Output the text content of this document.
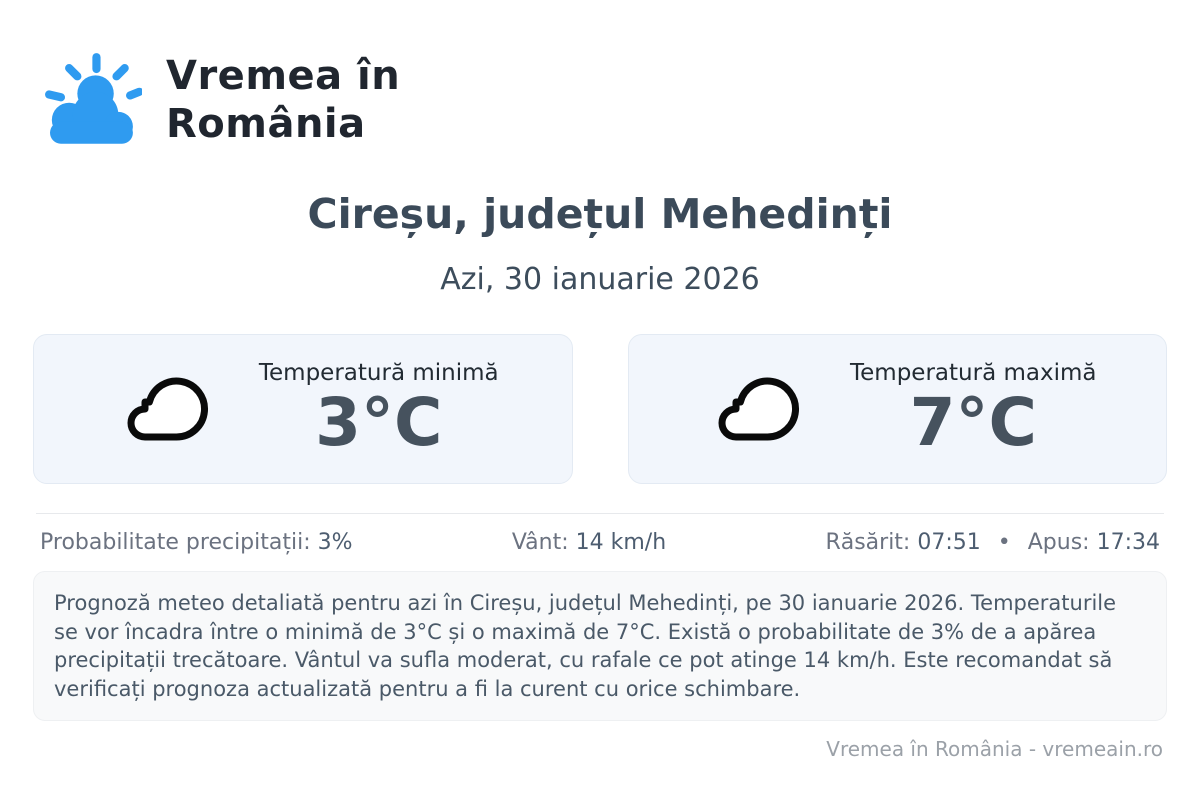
Vremea în
România
Cireșu, județul Mehedinți
Azi, 30 ianuarie 2026
Temperatură minimă
3°C
Temperatură maximă
7°C
Probabilitate precipitații: 3%	Vânt: 14 km/h	Răsărit: 07:51 • Apus: 17:34

Prognoză meteo detaliată pentru azi în Cireșu, județul Mehedinți, pe 30 ianuarie 2026. Temperaturile se vor încadra între o minimă de 3°C și o maximă de 7°C. Există o probabilitate de 3% de a apărea precipitații trecătoare. Vântul va sufla moderat, cu rafale ce pot atinge 14 km/h. Este recomandat să verificați prognoza actualizată pentru a fi la curent cu orice schimbare.

Vremea în România - vremeain.ro
